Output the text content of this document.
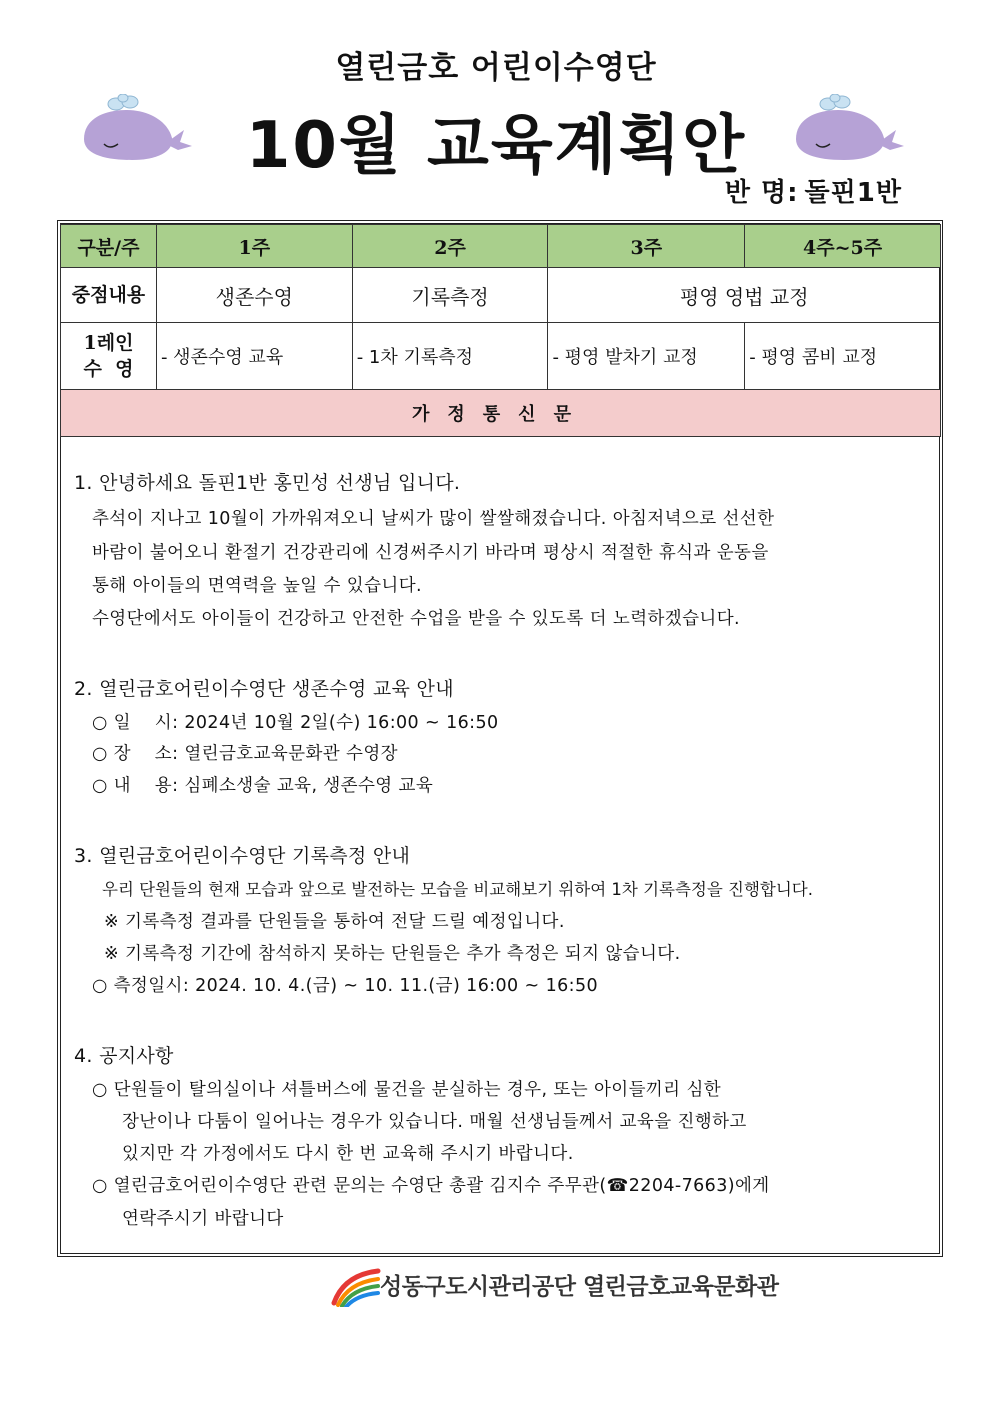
열린금호 어린이수영단
10월 교육계획안
반 명: 돌핀1반
구분/주	1주	2주	3주	4주~5주
중점내용	생존수영	기록측정	평영 영법 교정	

1레인
수  영	- 생존수영 교육	- 1차 기록측정	- 평영 발차기 교정	- 평영 콤비 교정
가정통신문				
1. 안녕하세요 돌핀1반 홍민성 선생님 입니다.
추석이 지나고 10월이 가까워져오니 날씨가 많이 쌀쌀해졌습니다. 아침저녁으로 선선한
바람이 불어오니 환절기 건강관리에 신경써주시기 바라며 평상시 적절한 휴식과 운동을
통해 아이들의 면역력을 높일 수 있습니다.
수영단에서도 아이들이 건강하고 안전한 수업을 받을 수 있도록 더 노력하겠습니다.
2. 열린금호어린이수영단 생존수영 교육 안내
○ 일    시: 2024년 10월 2일(수) 16:00 ~ 16:50
○ 장    소: 열린금호교육문화관 수영장
○ 내    용: 심폐소생술 교육, 생존수영 교육
3. 열린금호어린이수영단 기록측정 안내
우리 단원들의 현재 모습과 앞으로 발전하는 모습을 비교해보기 위하여 1차 기록측정을 진행합니다.
※ 기록측정 결과를 단원들을 통하여 전달 드릴 예정입니다.
※ 기록측정 기간에 참석하지 못하는 단원들은 추가 측정은 되지 않습니다.
○ 측정일시: 2024. 10. 4.(금) ~ 10. 11.(금) 16:00 ~ 16:50
4. 공지사항
○ 단원들이 탈의실이나 셔틀버스에 물건을 분실하는 경우, 또는 아이들끼리 심한
장난이나 다툼이 일어나는 경우가 있습니다. 매월 선생님들께서 교육을 진행하고
있지만 각 가정에서도 다시 한 번 교육해 주시기 바랍니다.
○ 열린금호어린이수영단 관련 문의는 수영단 총괄 김지수 주무관(☎2204-7663)에게
연락주시기 바랍니다
성동구도시관리공단 열린금호교육문화관
